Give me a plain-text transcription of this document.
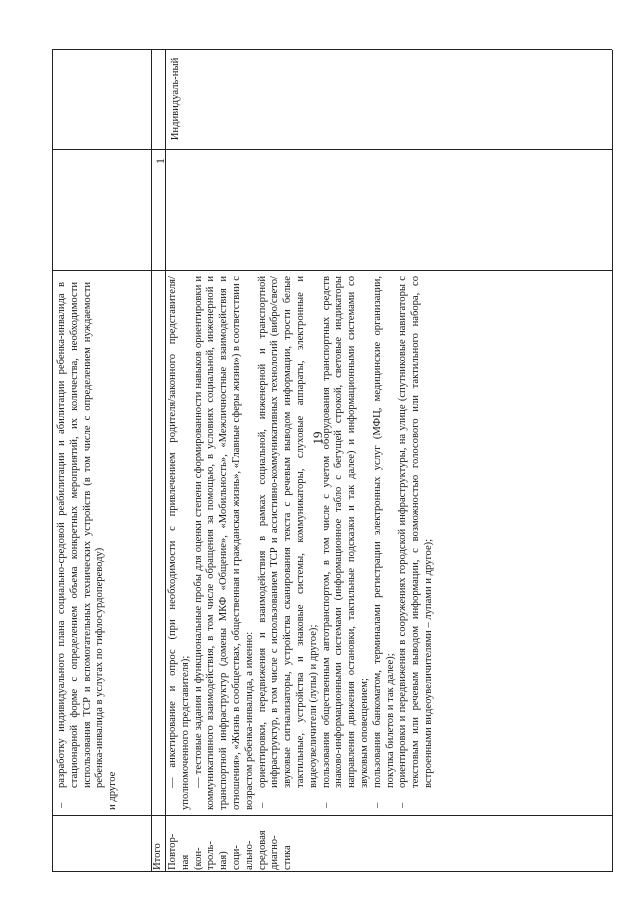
19
–
разработку индивидуального плана социально-средовой реабилитации и абилитации ребенка-инвалида в стационарной форме с определением объема конкретных мероприятий, их количества, необходимости использования ТСР и вспомогательных технических устройств (в том числе с определением нуждаемости ребенка-инвалида в услугах по тифлосурдопереводу)
и другое
Итого
1
Повтор- ная (кон- троль- ная) соци- ально- средовая диагно- стика
— анкетирование и опрос (при необходимости с привлечением родителя/законного представителя/уполномоченного представителя); — тестовые задания и функциональные пробы для оценки степени сформированности навыков ориентировки и коммуникативного взаимодействия, в том числе обращения за помощью, в условиях социальной, инженерной и транспортной инфраструктур (домены МКФ «Общение», «Мобильность», «Межличностные взаимодействия и отношения», «Жизнь в сообществах, общественная и гражданская жизнь», «Главные сферы жизни») в соответствии с возрастом ребенка-инвалида, а именно: –
ориентировки, передвижения и взаимодействия в рамках социальной, инженерной и транспортной инфраструктур, в том числе с использованием ТСР и ассистивно-коммуникативных технологий (вибро/свето/звуковые сигнализаторы, устройства сканирования текста с речевым выводом информации, трости белые тактильные, устройства и знаковые системы, коммуникаторы, слуховые аппараты, электронные и видеоувеличители (лупы) и другое);
–
пользования общественным автотранспортом, в том числе с учетом оборудования транспортных средств знаково-информационными системами (информационное табло с бегущей строкой, световые индикаторы направления движения остановки, тактильные подсказки и так далее) и информационными системами со звуковым оповещением;
–
пользования банкоматом, терминалами регистрации электронных услуг (МФЦ, медицинские организации, покупка билетов и так далее);
–
ориентировки и передвижения в сооружениях городской инфраструктуры, на улице (спутниковые навигаторы с текстовым или речевым выводом информации, с возможностью голосового или тактильного набора, со встроенными видеоувеличителями – лупами и другое);
Индивидуаль-ный
